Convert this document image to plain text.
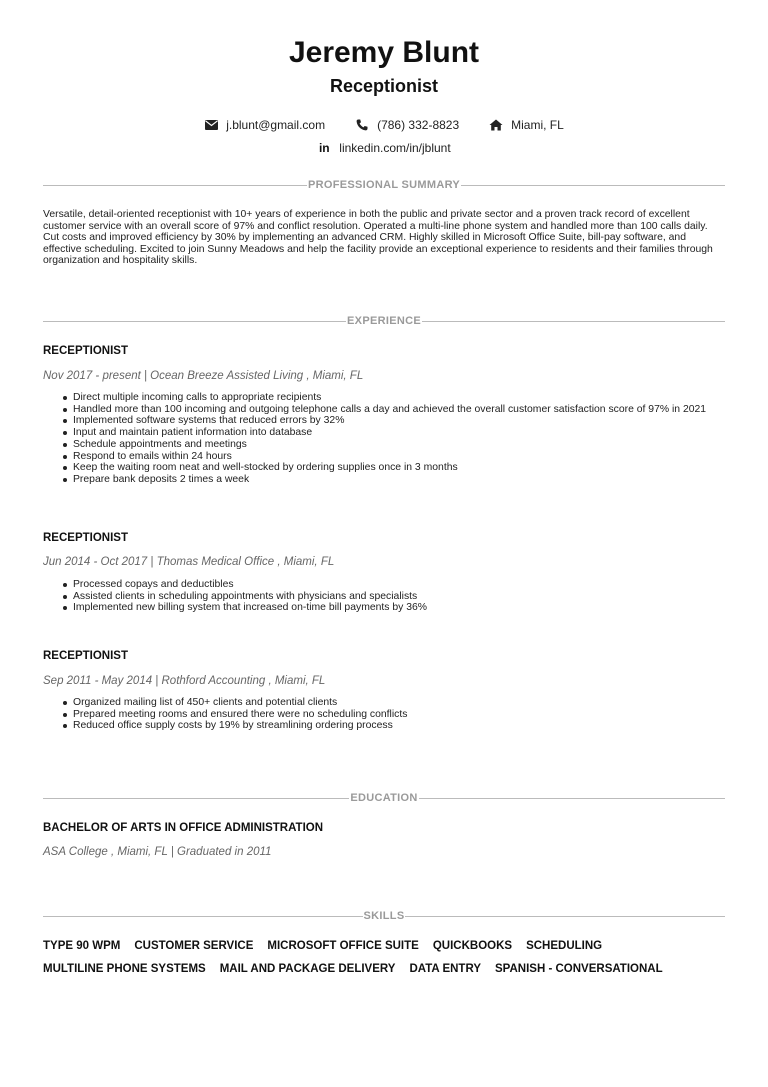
Jeremy Blunt
Receptionist
j.blunt@gmail.com	(786) 332-8823	Miami, FL
in linkedin.com/in/jblunt
PROFESSIONAL SUMMARY
Versatile, detail-oriented receptionist with 10+ years of experience in both the public and private sector and a proven track record of excellent customer service with an overall score of 97% and conflict resolution. Operated a multi-line phone system and handled more than 100 calls daily. Cut costs and improved efficiency by 30% by implementing an advanced CRM. Highly skilled in Microsoft Office Suite, bill-pay software, and effective scheduling. Excited to join Sunny Meadows and help the facility provide an exceptional experience to residents and their families through organization and hospitality skills.
EXPERIENCE
RECEPTIONIST
Nov 2017 - present | Ocean Breeze Assisted Living , Miami, FL
Direct multiple incoming calls to appropriate recipients
Handled more than 100 incoming and outgoing telephone calls a day and achieved the overall customer satisfaction score of 97% in 2021
Implemented software systems that reduced errors by 32%
Input and maintain patient information into database
Schedule appointments and meetings
Respond to emails within 24 hours
Keep the waiting room neat and well-stocked by ordering supplies once in 3 months
Prepare bank deposits 2 times a week
RECEPTIONIST
Jun 2014 - Oct 2017 | Thomas Medical Office , Miami, FL
Processed copays and deductibles
Assisted clients in scheduling appointments with physicians and specialists
Implemented new billing system that increased on-time bill payments by 36%
RECEPTIONIST
Sep 2011 - May 2014 | Rothford Accounting , Miami, FL
Organized mailing list of 450+ clients and potential clients
Prepared meeting rooms and ensured there were no scheduling conflicts
Reduced office supply costs by 19% by streamlining ordering process
EDUCATION
BACHELOR OF ARTS IN OFFICE ADMINISTRATION
ASA College , Miami, FL | Graduated in 2011
SKILLS
TYPE 90 WPM CUSTOMER SERVICE MICROSOFT OFFICE SUITE QUICKBOOKS SCHEDULING
MULTILINE PHONE SYSTEMS MAIL AND PACKAGE DELIVERY DATA ENTRY SPANISH - CONVERSATIONAL
